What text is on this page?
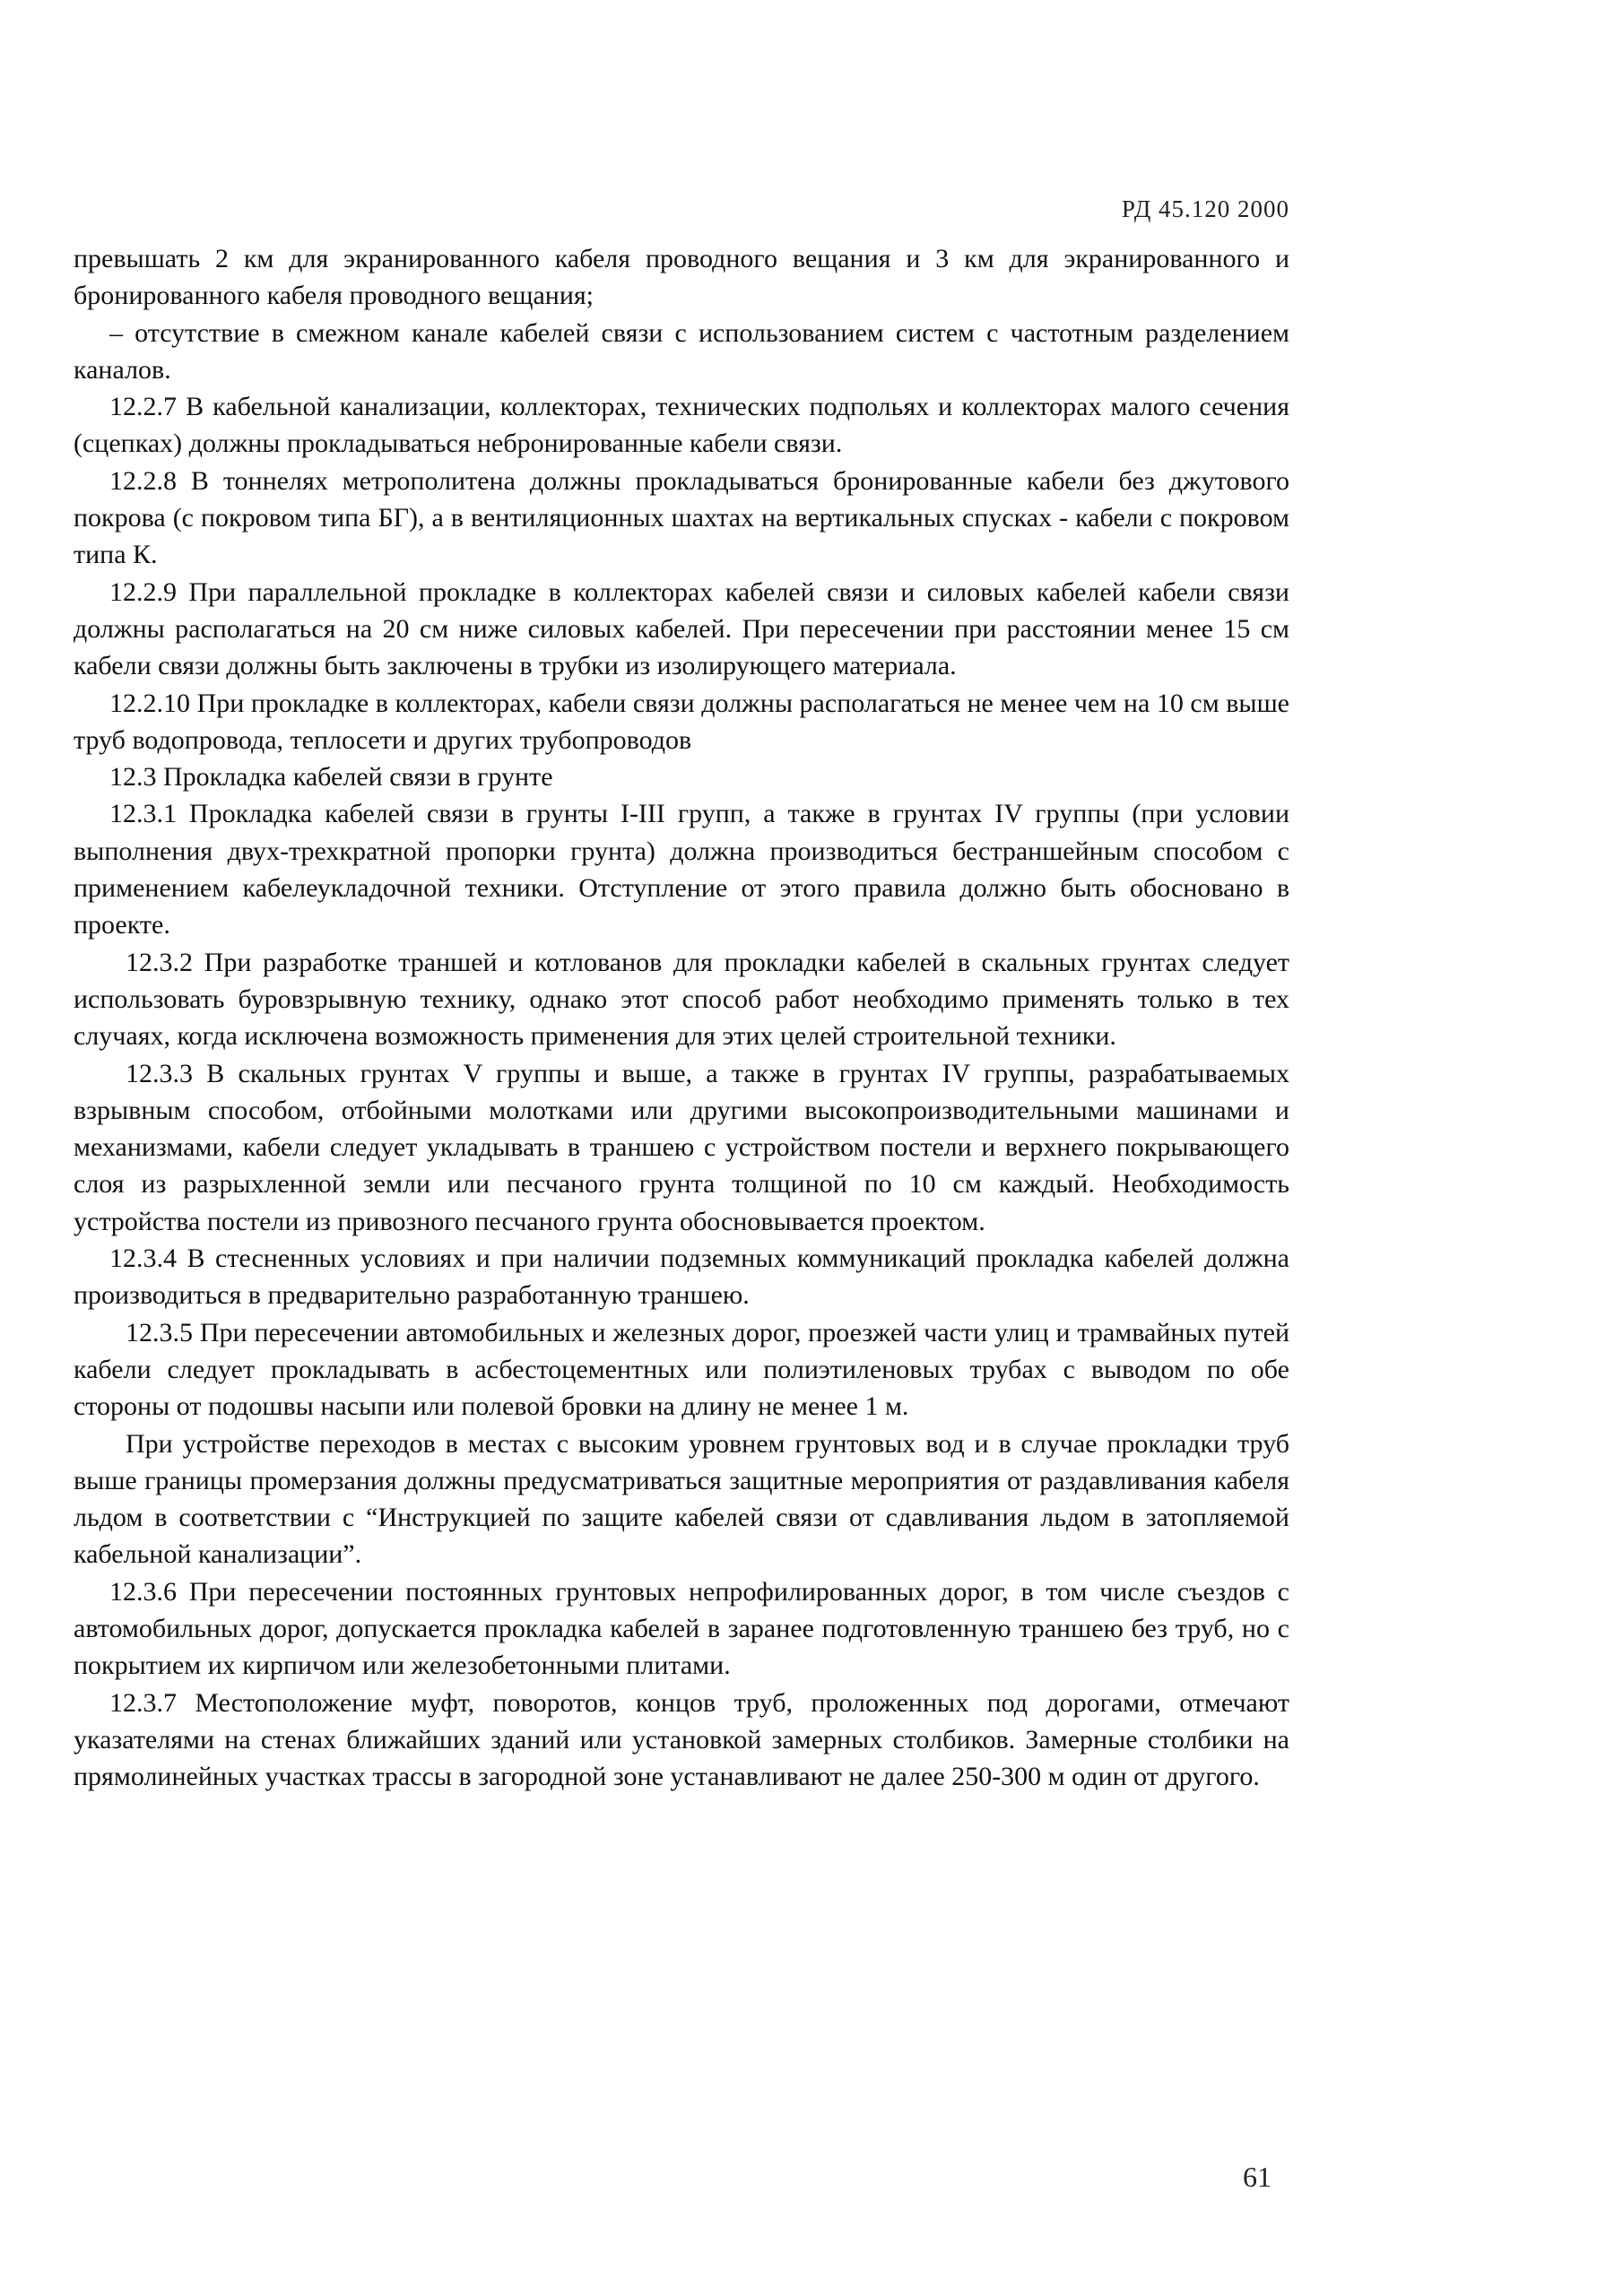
РД 45.120 2000

превышать 2 км для экранированного кабеля проводного вещания и 3 км для экранированного и бронированного кабеля проводного вещания;

– отсутствие в смежном канале кабелей связи с использованием систем с частотным разделением каналов.

12.2.7 В кабельной канализации, коллекторах, технических подпольях и коллекторах малого сечения (сцепках) должны прокладываться небронированные кабели связи.

12.2.8 В тоннелях метрополитена должны прокладываться бронированные кабели без джутового покрова (с покровом типа БГ), а в вентиляционных шахтах на вертикальных спусках - кабели с покровом типа К.

12.2.9 При параллельной прокладке в коллекторах кабелей связи и силовых кабелей кабели связи должны располагаться на 20 см ниже силовых кабелей. При пересечении при расстоянии менее 15 см кабели связи должны быть заключены в трубки из изолирующего материала.

12.2.10 При прокладке в коллекторах, кабели связи должны располагаться не менее чем на 10 см выше труб водопровода, теплосети и других трубопроводов

12.3 Прокладка кабелей связи в грунте

12.3.1 Прокладка кабелей связи в грунты I-III групп, а также в грунтах IV группы (при условии выполнения двух-трехкратной пропорки грунта) должна производиться бестраншейным способом с применением кабелеукладочной техники. Отступление от этого правила должно быть обосновано в проекте.

12.3.2 При разработке траншей и котлованов для прокладки кабелей в скальных грунтах следует использовать буровзрывную технику, однако этот способ работ необходимо применять только в тех случаях, когда исключена возможность применения для этих целей строительной техники.

12.3.3 В скальных грунтах V группы и выше, а также в грунтах IV группы, разрабатываемых взрывным способом, отбойными молотками или другими высокопроизводительными машинами и механизмами, кабели следует укладывать в траншею с устройством постели и верхнего покрывающего слоя из разрыхленной земли или песчаного грунта толщиной по 10 см каждый. Необходимость устройства постели из привозного песчаного грунта обосновывается проектом.

12.3.4 В стесненных условиях и при наличии подземных коммуникаций прокладка кабелей должна производиться в предварительно разработанную траншею.

12.3.5 При пересечении автомобильных и железных дорог, проезжей части улиц и трамвайных путей кабели следует прокладывать в асбестоцементных или полиэтиленовых трубах с выводом по обе стороны от подошвы насыпи или полевой бровки на длину не менее 1 м.

При устройстве переходов в местах с высоким уровнем грунтовых вод и в случае прокладки труб выше границы промерзания должны предусматриваться защитные мероприятия от раздавливания кабеля льдом в соответствии с “Инструкцией по защите кабелей связи от сдавливания льдом в затопляемой кабельной канализации”.

12.3.6 При пересечении постоянных грунтовых непрофилированных дорог, в том числе съездов с автомобильных дорог, допускается прокладка кабелей в заранее подготовленную траншею без труб, но с покрытием их кирпичом или железобетонными плитами.

12.3.7 Местоположение муфт, поворотов, концов труб, проложенных под дорогами, отмечают указателями на стенах ближайших зданий или установкой замерных столбиков. Замерные столбики на прямолинейных участках трассы в загородной зоне устанавливают не далее 250-300 м один от другого.

61
